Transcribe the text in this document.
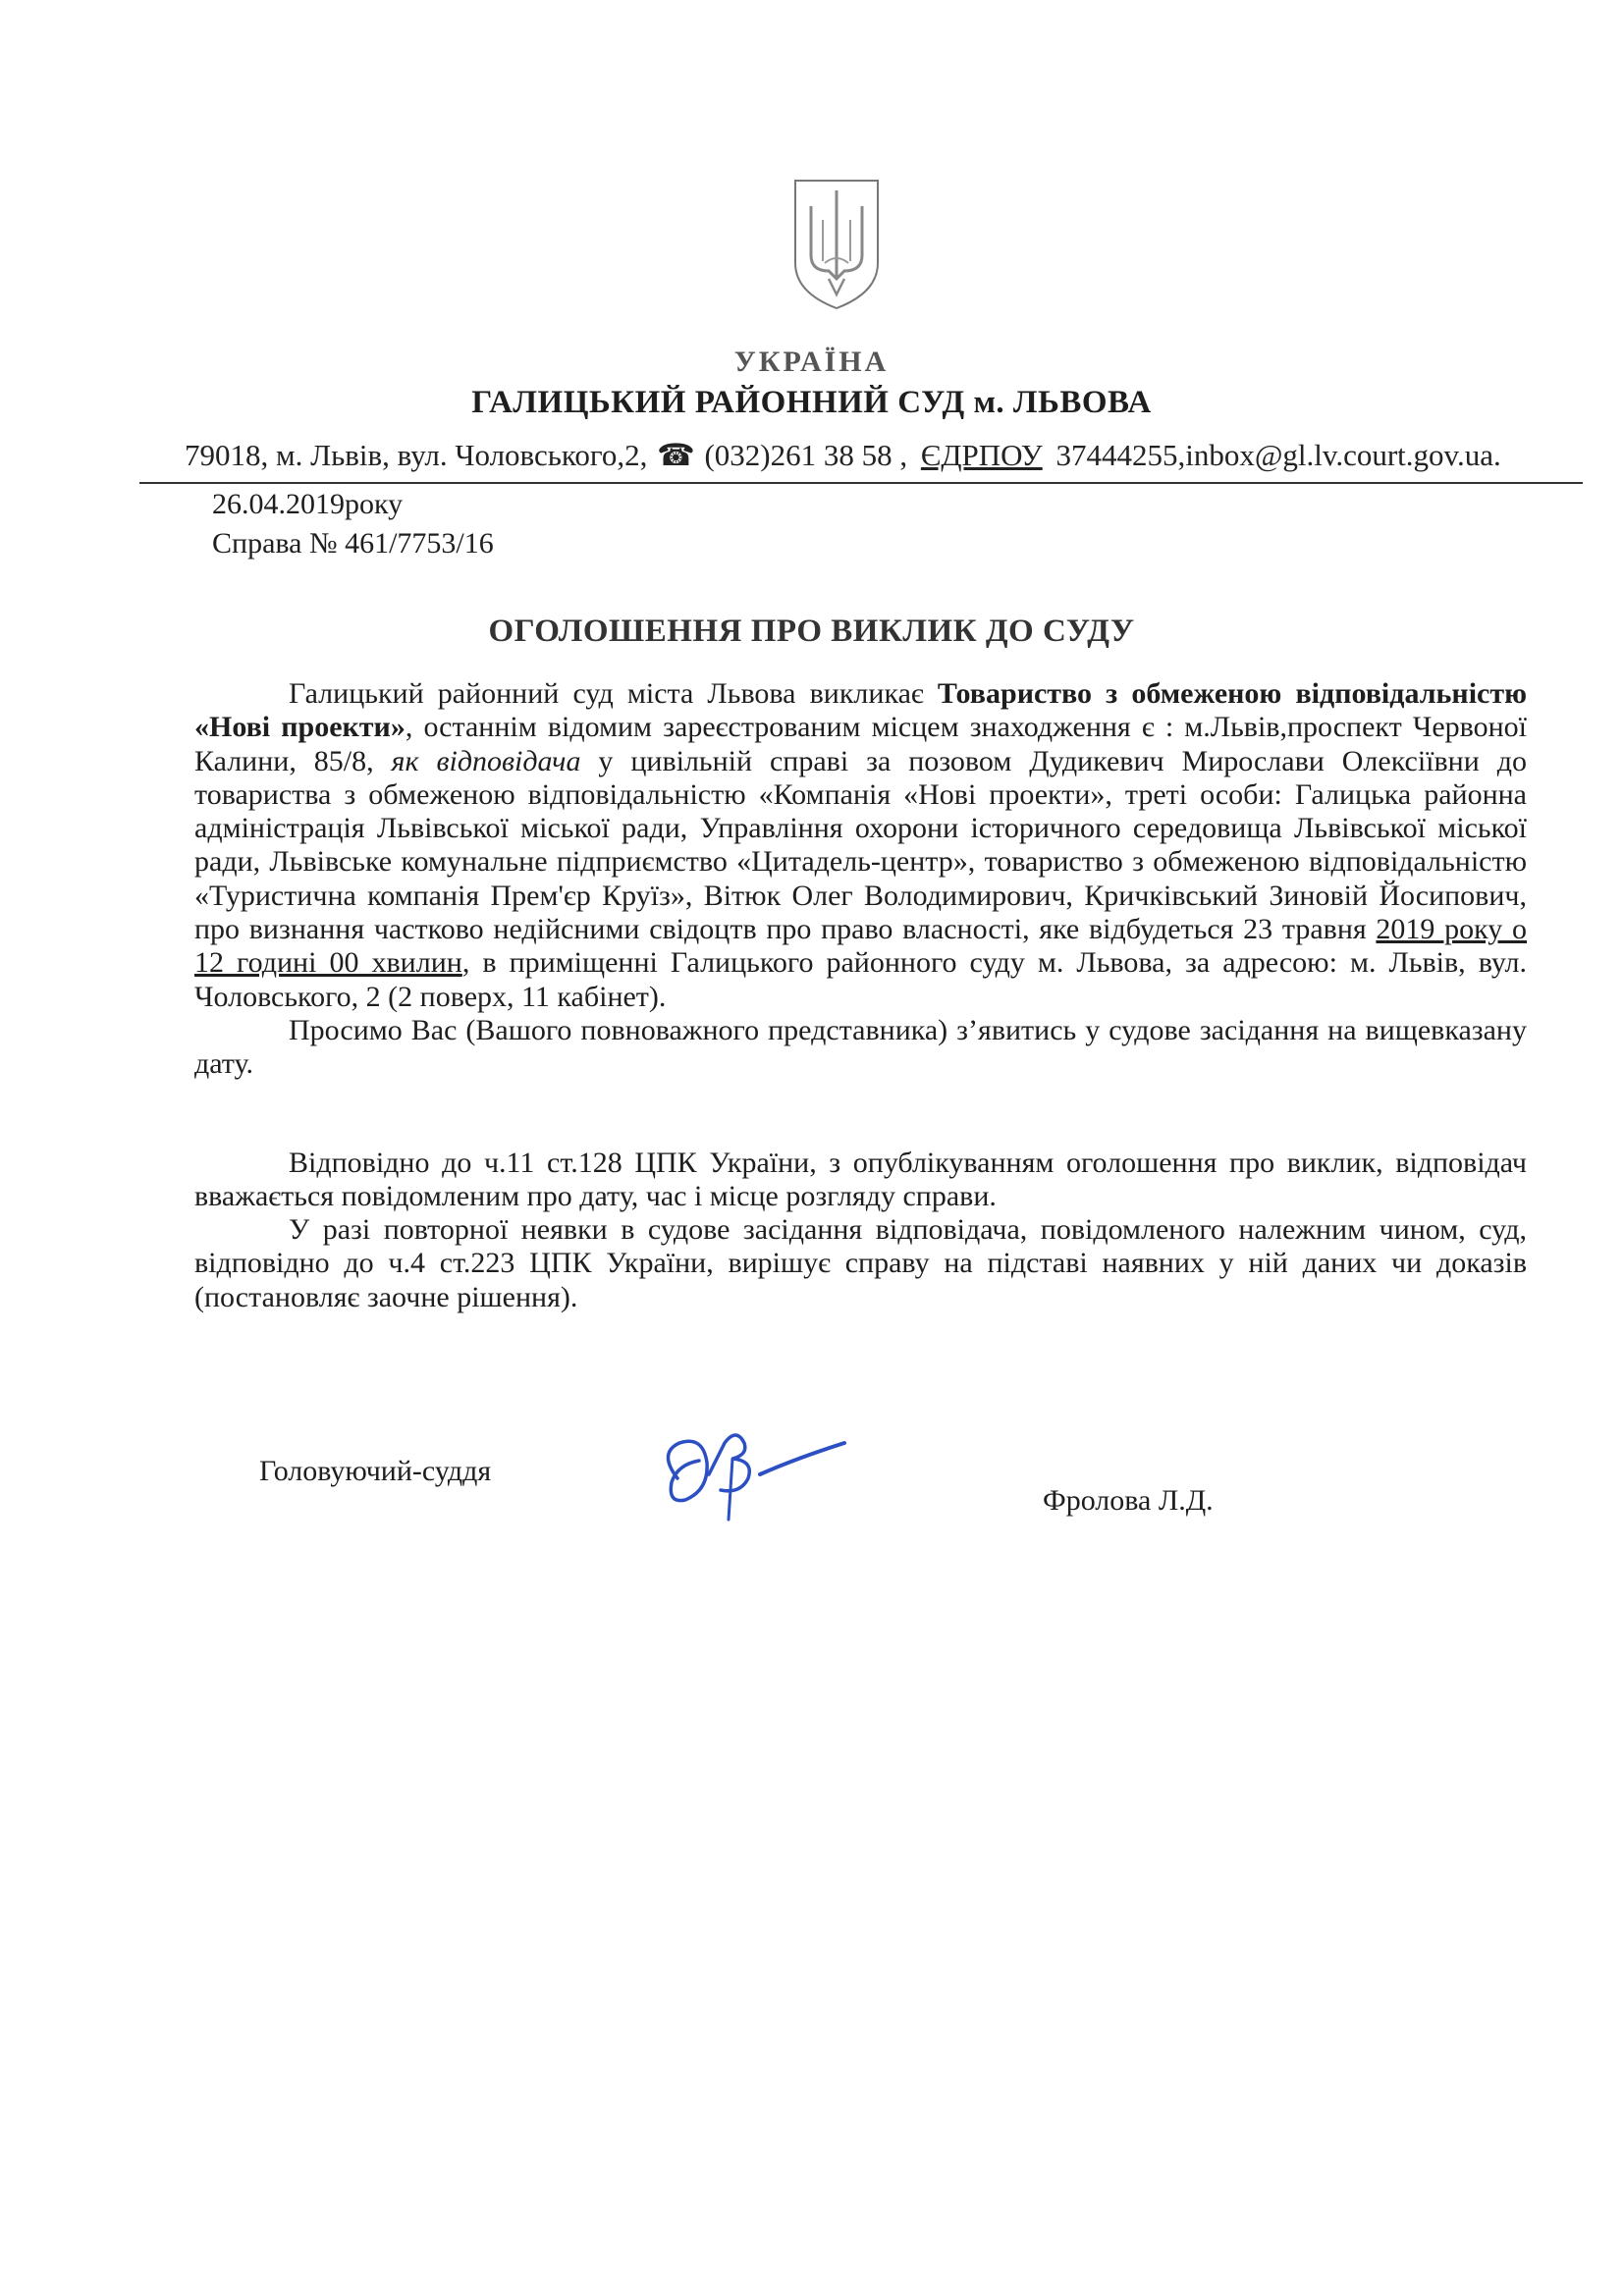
УКРАЇНА
ГАЛИЦЬКИЙ РАЙОННИЙ СУД м. ЛЬВОВА
79018, м. Львів, вул. Чоловського,2, ☎ (032)261 38 58 , ЄДРПОУ 37444255,inbox@gl.lv.court.gov.ua.
26.04.2019року
Справа № 461/7753/16
ОГОЛОШЕННЯ ПРО ВИКЛИК ДО СУДУ

Галицький районний суд міста Львова викликає Товариство з обмеженою відповідальністю «Нові проекти», останнім відомим зареєстрованим місцем знаходження є : м.Львів,проспект Червоної Калини, 85/8, як відповідача у цивільній справі за позовом Дудикевич Мирослави Олексіївни до товариства з обмеженою відповідальністю «Компанія «Нові проекти», треті особи: Галицька районна адміністрація Львівської міської ради, Управління охорони історичного середовища Львівської міської ради, Львівське комунальне підприємство «Цитадель-центр», товариство з обмеженою відповідальністю «Туристична компанія Прем'єр Круїз», Вітюк Олег Володимирович, Кричківський Зиновій Йосипович, про визнання частково недійсними свідоцтв про право власності, яке відбудеться 23 травня 2019 року о 12 годині 00 хвилин, в приміщенні Галицького районного суду м. Львова, за адресою: м. Львів, вул. Чоловського, 2 (2 поверх, 11 кабінет).

Просимо Вас (Вашого повноважного представника) з’явитись у судове засідання на вищевказану дату.

Відповідно до ч.11 ст.128 ЦПК України, з опублікуванням оголошення про виклик, відповідач вважається повідомленим про дату, час і місце розгляду справи.

У разі повторної неявки в судове засідання відповідача, повідомленого належним чином, суд, відповідно до ч.4 ст.223 ЦПК України, вирішує справу на підставі наявних у ній даних чи доказів (постановляє заочне рішення).

Головуючий-суддя
Фролова Л.Д.
